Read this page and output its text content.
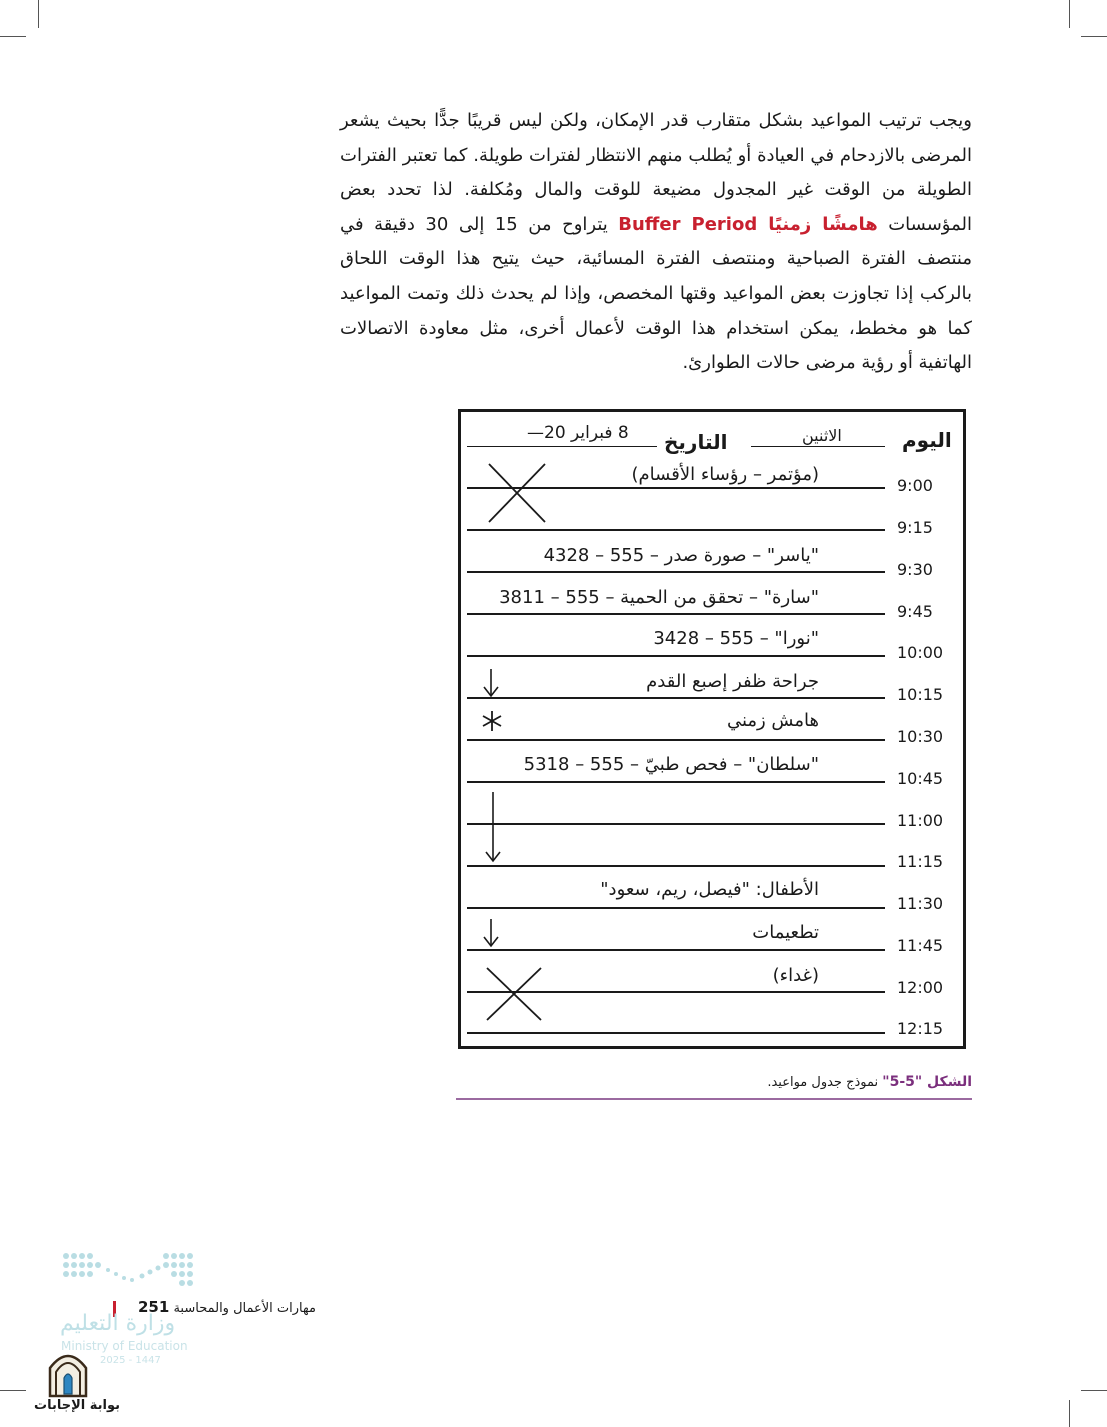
ويجب ترتيب المواعيد بشكل متقارب قدر الإمكان، ولكن ليس قريبًا جدًّا بحيث يشعر المرضى بالازدحام في العيادة أو يُطلب منهم الانتظار لفترات طويلة. كما تعتبر الفترات الطويلة من الوقت غير المجدول مضيعة للوقت والمال ومُكلفة. لذا تحدد بعض المؤسسات هامشًا زمنيًا Buffer Period يتراوح من 15 إلى 30 دقيقة في منتصف الفترة الصباحية ومنتصف الفترة المسائية، حيث يتيح هذا الوقت اللحاق بالركب إذا تجاوزت بعض المواعيد وقتها المخصص، وإذا لم يحدث ذلك وتمت المواعيد كما هو مخطط، يمكن استخدام هذا الوقت لأعمال أخرى، مثل معاودة الاتصالات الهاتفية أو رؤية مرضى حالات الطوارئ.
اليوم
الاثنين
التاريخ
8 فبراير 20—
9:00
9:15
9:30
9:45
10:00
10:15
10:30
10:45
11:00
11:15
11:30
11:45
12:00
12:15
(مؤتمر – رؤساء الأقسام)
"ياسر" – صورة صدر – 555 – 4328
"سارة" – تحقق من الحمية – 555 – 3811
"نورا" – 555 – 3428
جراحة ظفر إصبع القدم
هامش زمني
"سلطان" – فحص طبيّ – 555 – 5318
الأطفال: "فيصل، ريم، سعود"
تطعيمات
(غداء)
الشكل "5-5" نموذج جدول مواعيد.
مهارات الأعمال والمحاسبة 251
وزارة التعليم
Ministry of Education
2025 - 1447
بوابة الإجابات
